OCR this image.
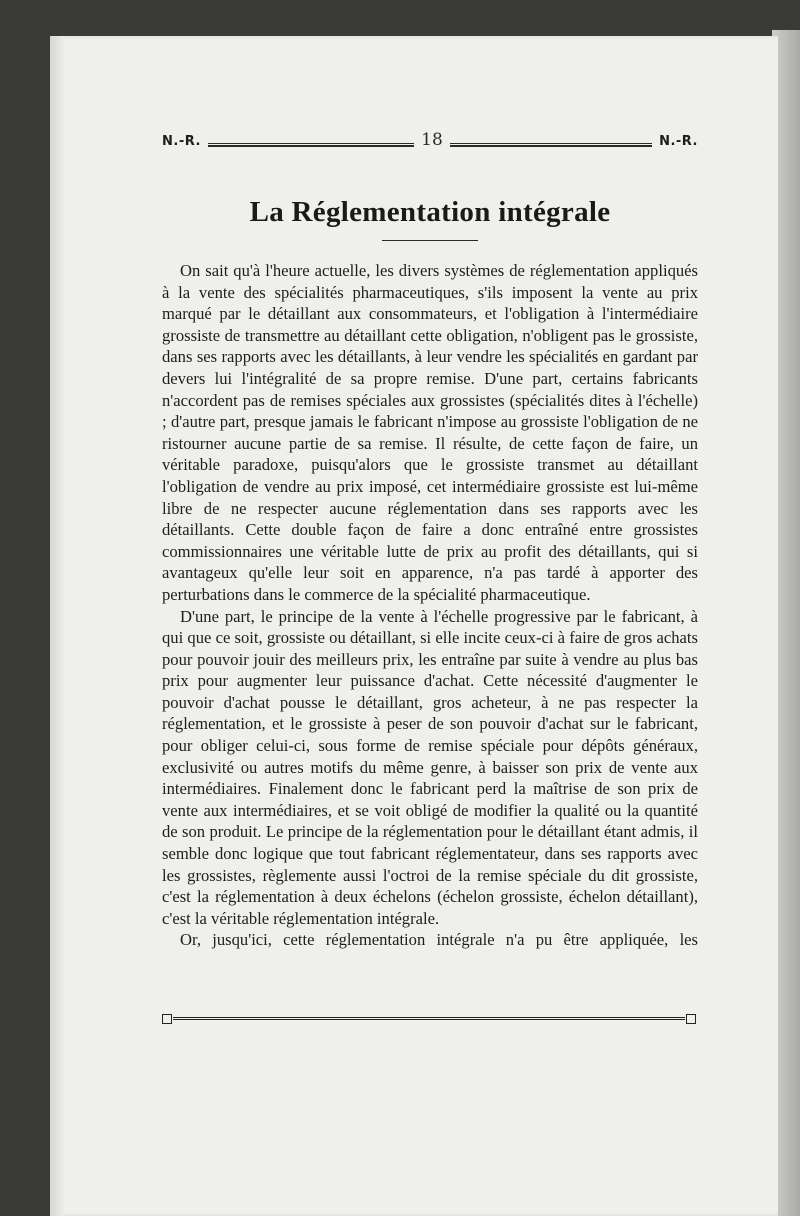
N.-R.	18	N.-R.
La Réglementation intégrale

On sait qu'à l'heure actuelle, les divers systèmes de réglementation appliqués à la vente des spécialités pharmaceutiques, s'ils imposent la vente au prix marqué par le détaillant aux consommateurs, et l'obligation à l'intermédiaire grossiste de transmettre au détaillant cette obligation, n'obligent pas le grossiste, dans ses rapports avec les détaillants, à leur vendre les spécialités en gardant par devers lui l'intégralité de sa propre remise. D'une part, certains fabricants n'accordent pas de remises spéciales aux grossistes (spécialités dites à l'échelle) ; d'autre part, presque jamais le fabricant n'impose au grossiste l'obligation de ne ristourner aucune partie de sa remise. Il résulte, de cette façon de faire, un véritable paradoxe, puisqu'alors que le grossiste transmet au détaillant l'obligation de vendre au prix imposé, cet intermédiaire grossiste est lui-même libre de ne respecter aucune réglementation dans ses rapports avec les détaillants. Cette double façon de faire a donc entraîné entre grossistes commissionnaires une véritable lutte de prix au profit des détaillants, qui si avantageux qu'elle leur soit en apparence, n'a pas tardé à apporter des perturbations dans le commerce de la spécialité pharmaceutique.

D'une part, le principe de la vente à l'échelle progressive par le fabricant, à qui que ce soit, grossiste ou détaillant, si elle incite ceux-ci à faire de gros achats pour pouvoir jouir des meilleurs prix, les entraîne par suite à vendre au plus bas prix pour augmenter leur puissance d'achat. Cette nécessité d'augmenter le pouvoir d'achat pousse le détaillant, gros acheteur, à ne pas respecter la réglementation, et le grossiste à peser de son pouvoir d'achat sur le fabricant, pour obliger celui-ci, sous forme de remise spéciale pour dépôts généraux, exclusivité ou autres motifs du même genre, à baisser son prix de vente aux intermédiaires. Finalement donc le fabricant perd la maîtrise de son prix de vente aux intermédiaires, et se voit obligé de modifier la qualité ou la quantité de son produit. Le principe de la réglementation pour le détaillant étant admis, il semble donc logique que tout fabricant réglementateur, dans ses rapports avec les grossistes, règlemente aussi l'octroi de la remise spéciale du dit grossiste, c'est la réglementation à deux échelons (échelon grossiste, échelon détaillant), c'est la véritable réglementation intégrale.

Or, jusqu'ici, cette réglementation intégrale n'a pu être appliquée, les
